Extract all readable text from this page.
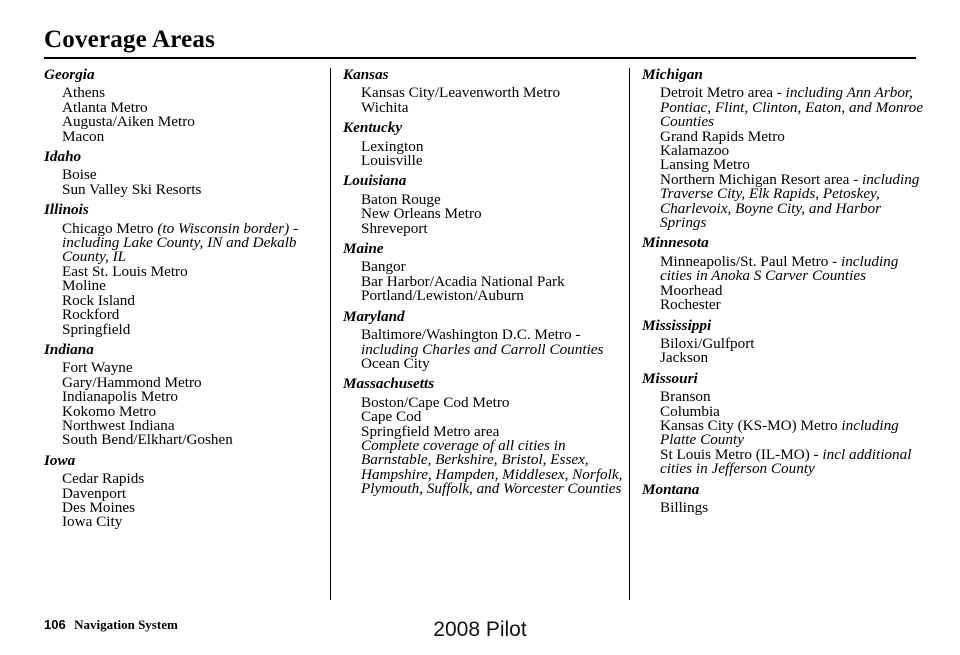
Coverage Areas
Georgia
Athens
Atlanta Metro
Augusta/Aiken Metro
Macon
Idaho
Boise
Sun Valley Ski Resorts
Illinois
Chicago Metro (to Wisconsin border) - including Lake County, IN and Dekalb County, IL
East St. Louis Metro
Moline
Rock Island
Rockford
Springfield
Indiana
Fort Wayne
Gary/Hammond Metro
Indianapolis Metro
Kokomo Metro
Northwest Indiana
South Bend/Elkhart/Goshen
Iowa
Cedar Rapids
Davenport
Des Moines
Iowa City
Kansas
Kansas City/Leavenworth Metro
Wichita
Kentucky
Lexington
Louisville
Louisiana
Baton Rouge
New Orleans Metro
Shreveport
Maine
Bangor
Bar Harbor/Acadia National Park
Portland/Lewiston/Auburn
Maryland
Baltimore/Washington D.C. Metro - including Charles and Carroll Counties
Ocean City
Massachusetts
Boston/Cape Cod Metro
Cape Cod
Springfield Metro area
Complete coverage of all cities in Barnstable, Berkshire, Bristol, Essex, Hampshire, Hampden, Middlesex, Norfolk, Plymouth, Suffolk, and Worcester Counties
Michigan
Detroit Metro area - including Ann Arbor, Pontiac, Flint, Clinton, Eaton, and Monroe Counties
Grand Rapids Metro
Kalamazoo
Lansing Metro
Northern Michigan Resort area - including Traverse City, Elk Rapids, Petoskey, Charlevoix, Boyne City, and Harbor Springs
Minnesota
Minneapolis/St. Paul Metro - including cities in Anoka S Carver Counties
Moorhead
Rochester
Mississippi
Biloxi/Gulfport
Jackson
Missouri
Branson
Columbia
Kansas City (KS-MO) Metro including Platte County
St Louis Metro (IL-MO) - incl additional cities in Jefferson County
Montana
Billings
106 Navigation System	2008 Pilot
